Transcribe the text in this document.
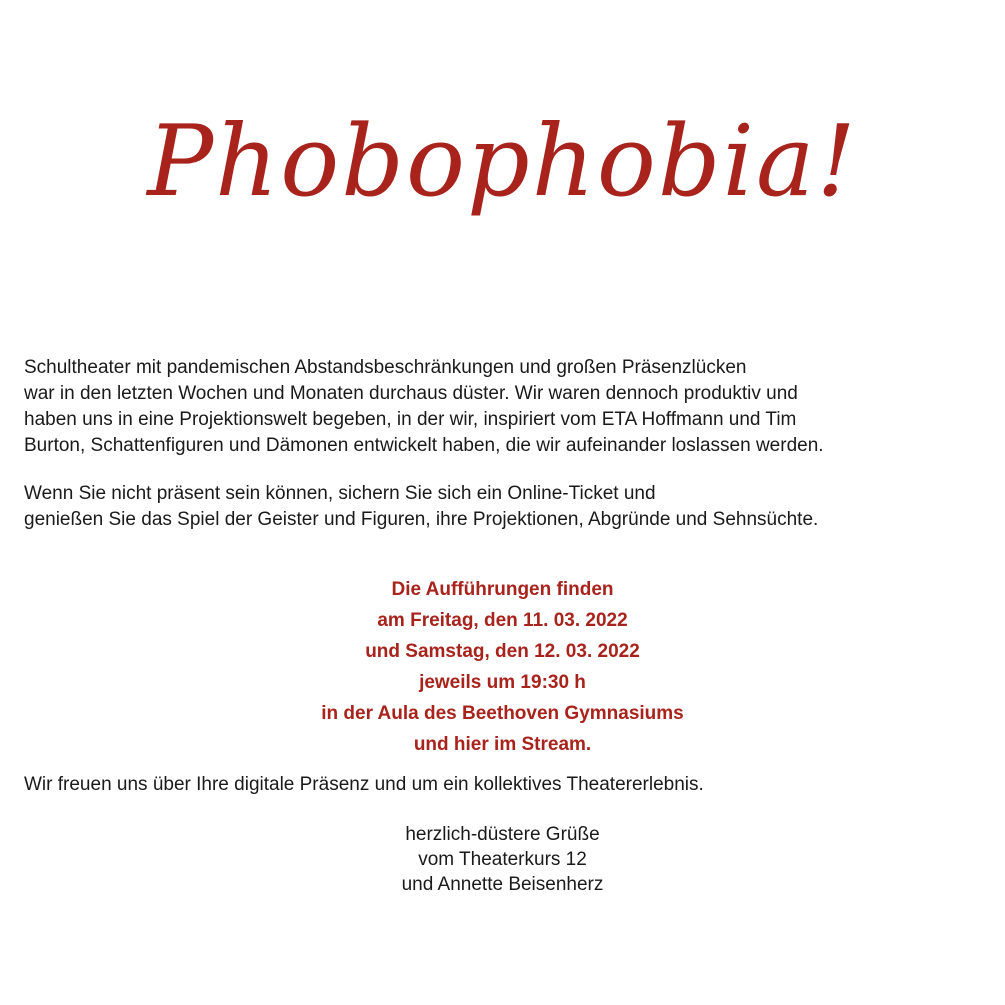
Phobophobia!

Schultheater mit pandemischen Abstandsbeschränkungen und großen Präsenzlücken
war in den letzten Wochen und Monaten durchaus düster. Wir waren dennoch produktiv und
haben uns in eine Projektionswelt begeben, in der wir, inspiriert vom ETA Hoffmann und Tim
Burton, Schattenfiguren und Dämonen entwickelt haben, die wir aufeinander loslassen werden.

Wenn Sie nicht präsent sein können, sichern Sie sich ein Online-Ticket und
genießen Sie das Spiel der Geister und Figuren, ihre Projektionen, Abgründe und Sehnsüchte.

Die Aufführungen finden
am Freitag, den 11. 03. 2022
und Samstag, den 12. 03. 2022
jeweils um 19:30 h
in der Aula des Beethoven Gymnasiums
und hier im Stream.

Wir freuen uns über Ihre digitale Präsenz und um ein kollektives Theatererlebnis.

herzlich-düstere Grüße
vom Theaterkurs 12
und Annette Beisenherz
